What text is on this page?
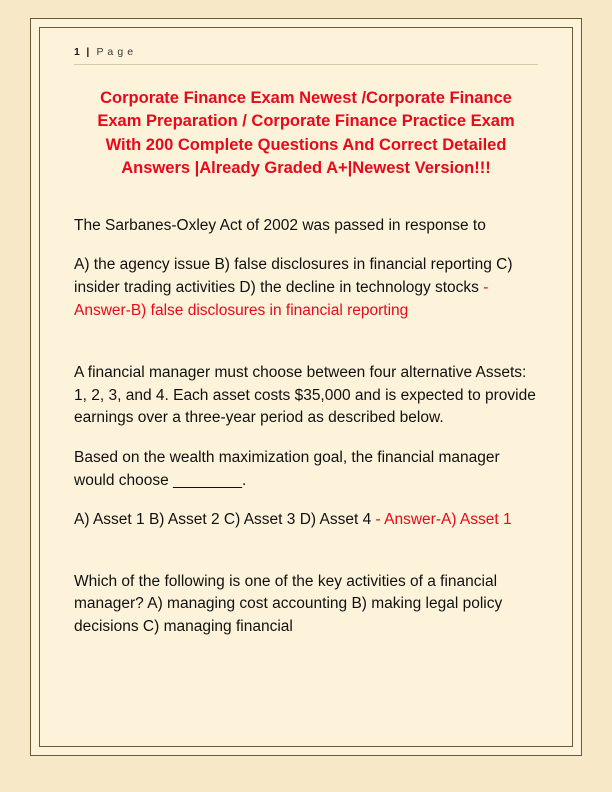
1 | P a g e
Corporate Finance Exam Newest /Corporate Finance Exam Preparation / Corporate Finance Practice Exam With 200 Complete Questions And Correct Detailed Answers |Already Graded A+|Newest Version!!!

The Sarbanes-Oxley Act of 2002 was passed in response to

A) the agency issue B) false disclosures in financial reporting C) insider trading activities D) the decline in technology stocks - Answer-B) false disclosures in financial reporting

A financial manager must choose between four alternative Assets: 1, 2, 3, and 4. Each asset costs $35,000 and is expected to provide earnings over a three-year period as described below.

Based on the wealth maximization goal, the financial manager would choose ________.

A) Asset 1 B) Asset 2 C) Asset 3 D) Asset 4 - Answer-A) Asset 1

Which of the following is one of the key activities of a financial manager? A) managing cost accounting B) making legal policy decisions C) managing financial
